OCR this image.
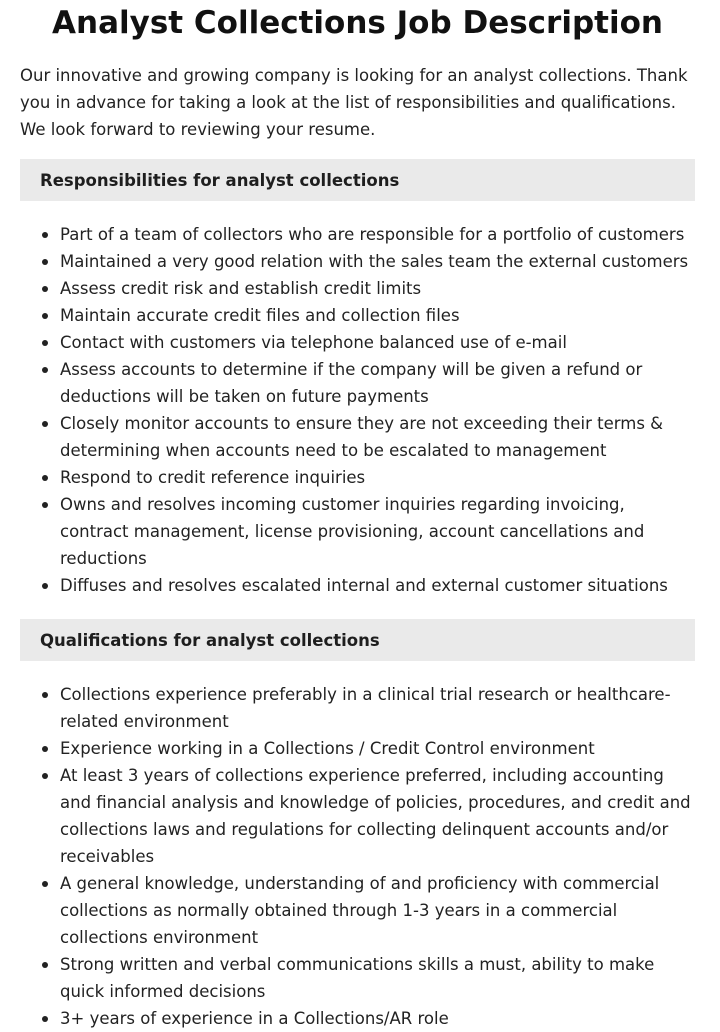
Analyst Collections Job Description

Our innovative and growing company is looking for an analyst collections. Thank you in advance for taking a look at the list of responsibilities and qualifications. We look forward to reviewing your resume.

Responsibilities for analyst collections
Part of a team of collectors who are responsible for a portfolio of customers
Maintained a very good relation with the sales team the external customers
Assess credit risk and establish credit limits
Maintain accurate credit files and collection files
Contact with customers via telephone balanced use of e-mail
Assess accounts to determine if the company will be given a refund or deductions will be taken on future payments
Closely monitor accounts to ensure they are not exceeding their terms & determining when accounts need to be escalated to management
Respond to credit reference inquiries
Owns and resolves incoming customer inquiries regarding invoicing, contract management, license provisioning, account cancellations and reductions
Diffuses and resolves escalated internal and external customer situations
Qualifications for analyst collections
Collections experience preferably in a clinical trial research or healthcare-related environment
Experience working in a Collections / Credit Control environment
At least 3 years of collections experience preferred, including accounting and financial analysis and knowledge of policies, procedures, and credit and collections laws and regulations for collecting delinquent accounts and/or receivables
A general knowledge, understanding of and proficiency with commercial collections as normally obtained through 1-3 years in a commercial collections environment
Strong written and verbal communications skills a must, ability to make quick informed decisions
3+ years of experience in a Collections/AR role
